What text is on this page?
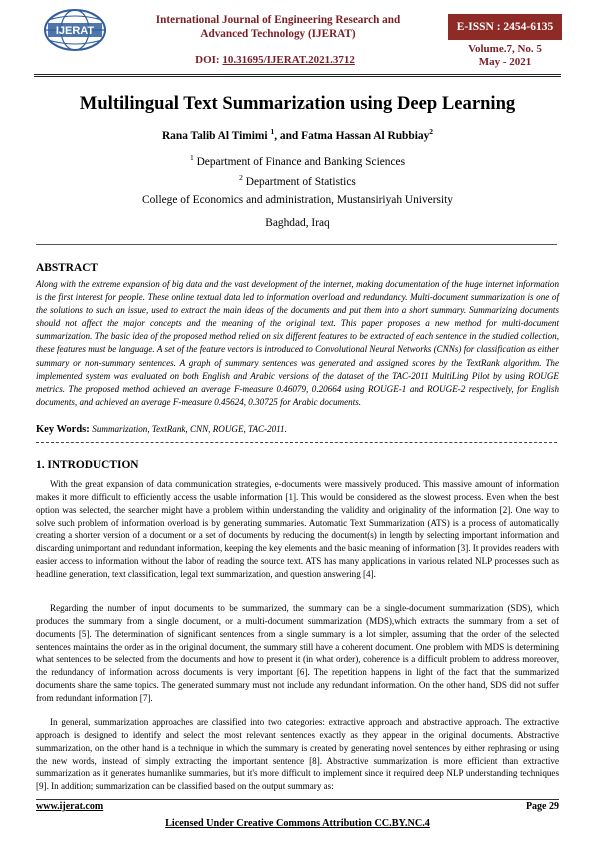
IJERAT
International Journal of Engineering Research and
Advanced Technology (IJERAT)
DOI: 10.31695/IJERAT.2021.3712
E-ISSN : 2454-6135
Volume.7, No. 5
May - 2021
Multilingual Text Summarization using Deep Learning
Rana Talib Al Timimi $^1$, and Fatma Hassan Al Rubbiay$^2$
$^1$ Department of Finance and Banking Sciences
$^2$ Department of Statistics
College of Economics and administration, Mustansiriyah University
Baghdad, Iraq
ABSTRACT
Along with the extreme expansion of big data and the vast development of the internet, making documentation of the huge internet information is the first interest for people. These online textual data led to information overload and redundancy. Multi-document summarization is one of the solutions to such an issue, used to extract the main ideas of the documents and put them into a short summary. Summarizing documents should not affect the major concepts and the meaning of the original text. This paper proposes a new method for multi-document summarization. The basic idea of the proposed method relied on six different features to be extracted of each sentence in the studied collection, these features must be language. A set of the feature vectors is introduced to Convolutional Neural Networks (CNNs) for classification as either summary or non-summary sentences. A graph of summary sentences was generated and assigned scores by the TextRank algorithm. The implemented system was evaluated on both English and Arabic versions of the dataset of the TAC-2011 MultiLing Pilot by using ROUGE metrics. The proposed method achieved an average F-measure 0.46079, 0.20664 using ROUGE-1 and ROUGE-2 respectively, for English documents, and achieved an average F-measure 0.45624, 0.30725 for Arabic documents.
Key Words: Summarization, TextRank, CNN, ROUGE, TAC-2011.
1. INTRODUCTION
With the great expansion of data communication strategies, e-documents were massively produced. This massive amount of information makes it more difficult to efficiently access the usable information [1]. This would be considered as the slowest process. Even when the best option was selected, the searcher might have a problem within understanding the validity and originality of the information [2]. One way to solve such problem of information overload is by generating summaries. Automatic Text Summarization (ATS) is a process of automatically creating a shorter version of a document or a set of documents by reducing the document(s) in length by selecting important information and discarding unimportant and redundant information, keeping the key elements and the basic meaning of information [3]. It provides readers with easier access to information without the labor of reading the source text. ATS has many applications in various related NLP processes such as headline generation, text classification, legal text summarization, and question answering [4].
Regarding the number of input documents to be summarized, the summary can be a single-document summarization (SDS), which produces the summary from a single document, or a multi-document summarization (MDS),which extracts the summary from a set of documents [5]. The determination of significant sentences from a single summary is a lot simpler, assuming that the order of the selected sentences maintains the order as in the original document, the summary still have a coherent document. One problem with MDS is determining what sentences to be selected from the documents and how to present it (in what order), coherence is a difficult problem to address moreover, the redundancy of information across documents is very important [6]. The repetition happens in light of the fact that the summarized documents share the same topics. The generated summary must not include any redundant information. On the other hand, SDS did not suffer from redundant information [7].
In general, summarization approaches are classified into two categories: extractive approach and abstractive approach. The extractive approach is designed to identify and select the most relevant sentences exactly as they appear in the original documents. Abstractive summarization, on the other hand is a technique in which the summary is created by generating novel sentences by either rephrasing or using the new words, instead of simply extracting the important sentence [8]. Abstractive summarization is more efficient than extractive summarization as it generates humanlike summaries, but it's more difficult to implement since it required deep NLP understanding techniques [9]. In addition; summarization can be classified based on the output summary as:
www.ijerat.com	Page 29
Licensed Under Creative Commons Attribution CC.BY.NC.4
